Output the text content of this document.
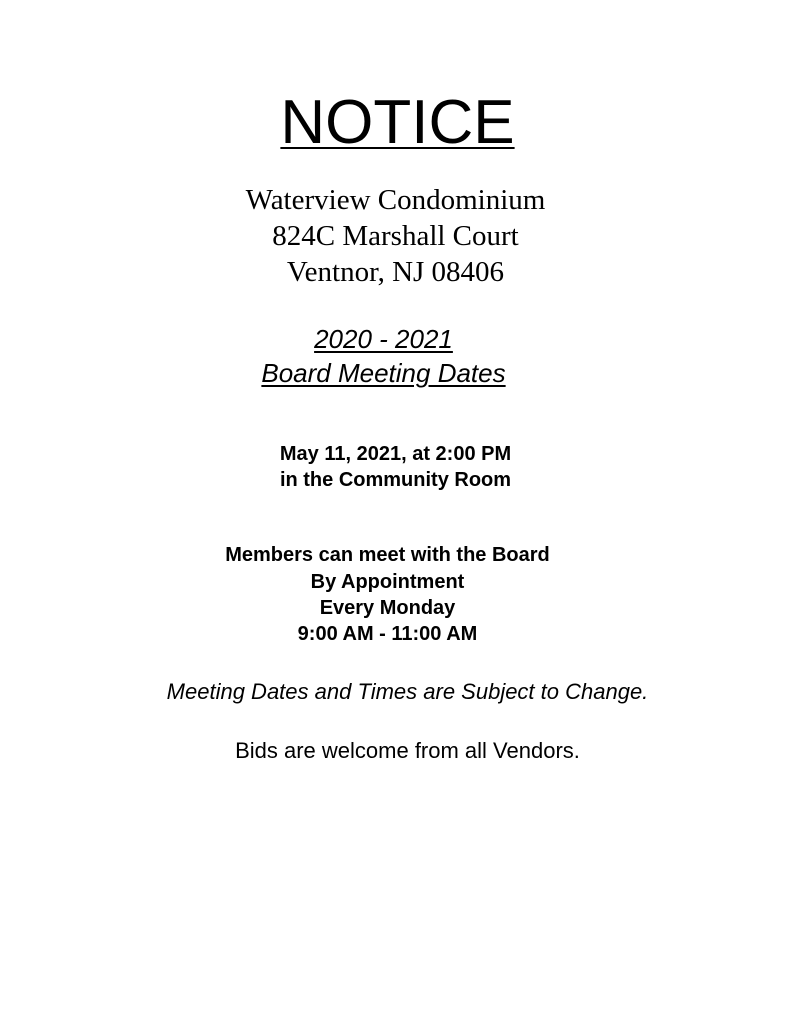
NOTICE
Waterview Condominium
824C Marshall Court
Ventnor, NJ 08406
2020 - 2021
Board Meeting Dates
May 11, 2021, at 2:00 PM
in the Community Room
Members can meet with the Board
By Appointment
Every Monday
9:00 AM - 11:00 AM
Meeting Dates and Times are Subject to Change.
Bids are welcome from all Vendors.
